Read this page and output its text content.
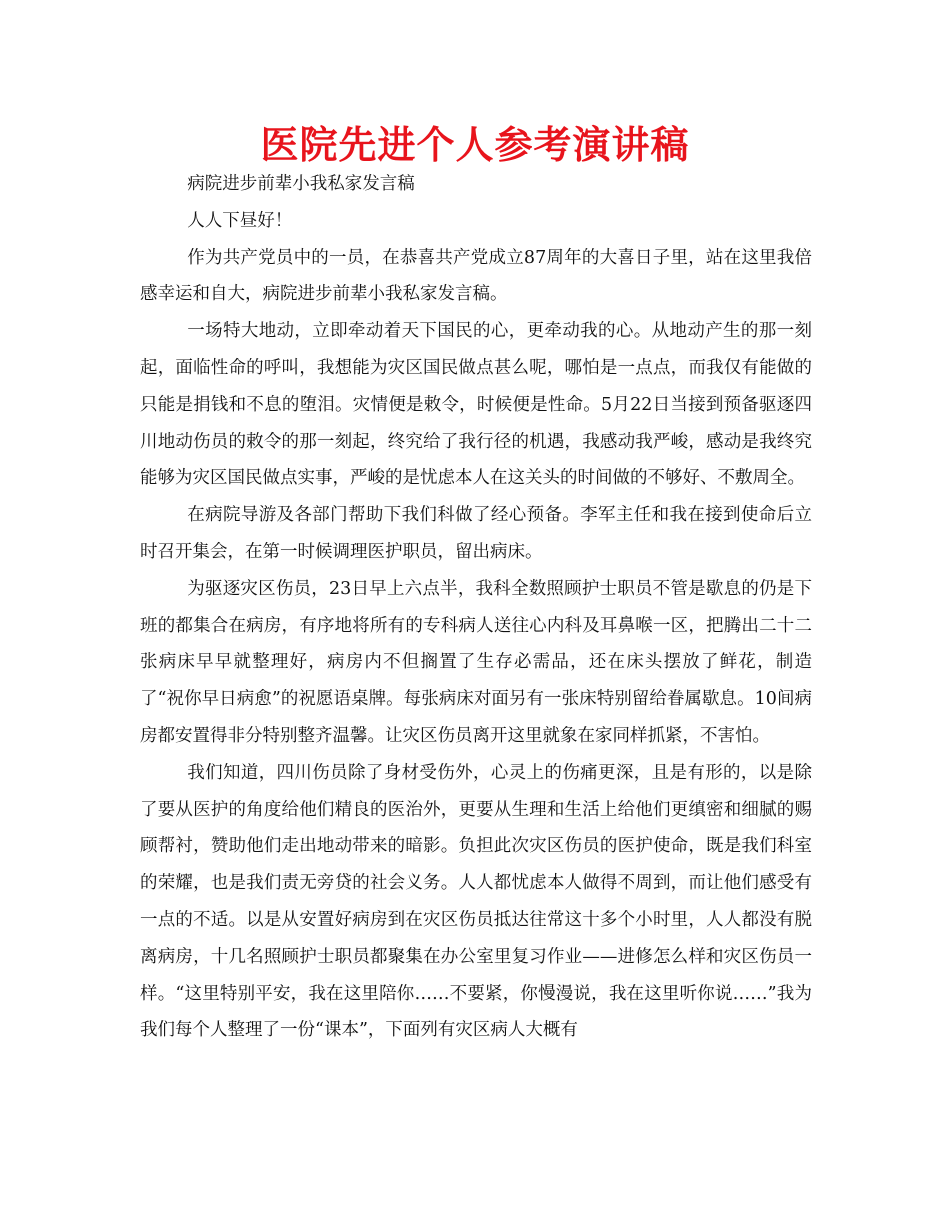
医院先进个人参考演讲稿

病院进步前辈小我私家发言稿

人人下昼好！

作为共产党员中的一员，在恭喜共产党成立87周年的大喜日子里，站在这里我倍感幸运和自大，病院进步前辈小我私家发言稿。

一场特大地动，立即牵动着天下国民的心，更牵动我的心。从地动产生的那一刻起，面临性命的呼叫，我想能为灾区国民做点甚么呢，哪怕是一点点，而我仅有能做的只能是捐钱和不息的堕泪。灾情便是敕令，时候便是性命。5月22日当接到预备驱逐四川地动伤员的敕令的那一刻起，终究给了我行径的机遇，我感动我严峻，感动是我终究能够为灾区国民做点实事，严峻的是忧虑本人在这关头的时间做的不够好、不敷周全。

在病院导游及各部门帮助下我们科做了经心预备。李军主任和我在接到使命后立时召开集会，在第一时候调理医护职员，留出病床。

为驱逐灾区伤员，23日早上六点半，我科全数照顾护士职员不管是歇息的仍是下班的都集合在病房，有序地将所有的专科病人送往心内科及耳鼻喉一区，把腾出二十二张病床早早就整理好，病房内不但搁置了生存必需品，还在床头摆放了鲜花，制造了“祝你早日病愈”的祝愿语桌牌。每张病床对面另有一张床特别留给眷属歇息。10间病房都安置得非分特别整齐温馨。让灾区伤员离开这里就象在家同样抓紧，不害怕。

我们知道，四川伤员除了身材受伤外，心灵上的伤痛更深，且是有形的，以是除了要从医护的角度给他们精良的医治外，更要从生理和生活上给他们更缜密和细腻的赐顾帮衬，赞助他们走出地动带来的暗影。负担此次灾区伤员的医护使命，既是我们科室的荣耀，也是我们责无旁贷的社会义务。人人都忧虑本人做得不周到，而让他们感受有一点的不适。以是从安置好病房到在灾区伤员抵达往常这十多个小时里，人人都没有脱离病房，十几名照顾护士职员都聚集在办公室里复习作业——进修怎么样和灾区伤员一样。“这里特别平安，我在这里陪你……不要紧，你慢漫说，我在这里听你说……”我为我们每个人整理了一份“课本”，下面列有灾区病人大概有
